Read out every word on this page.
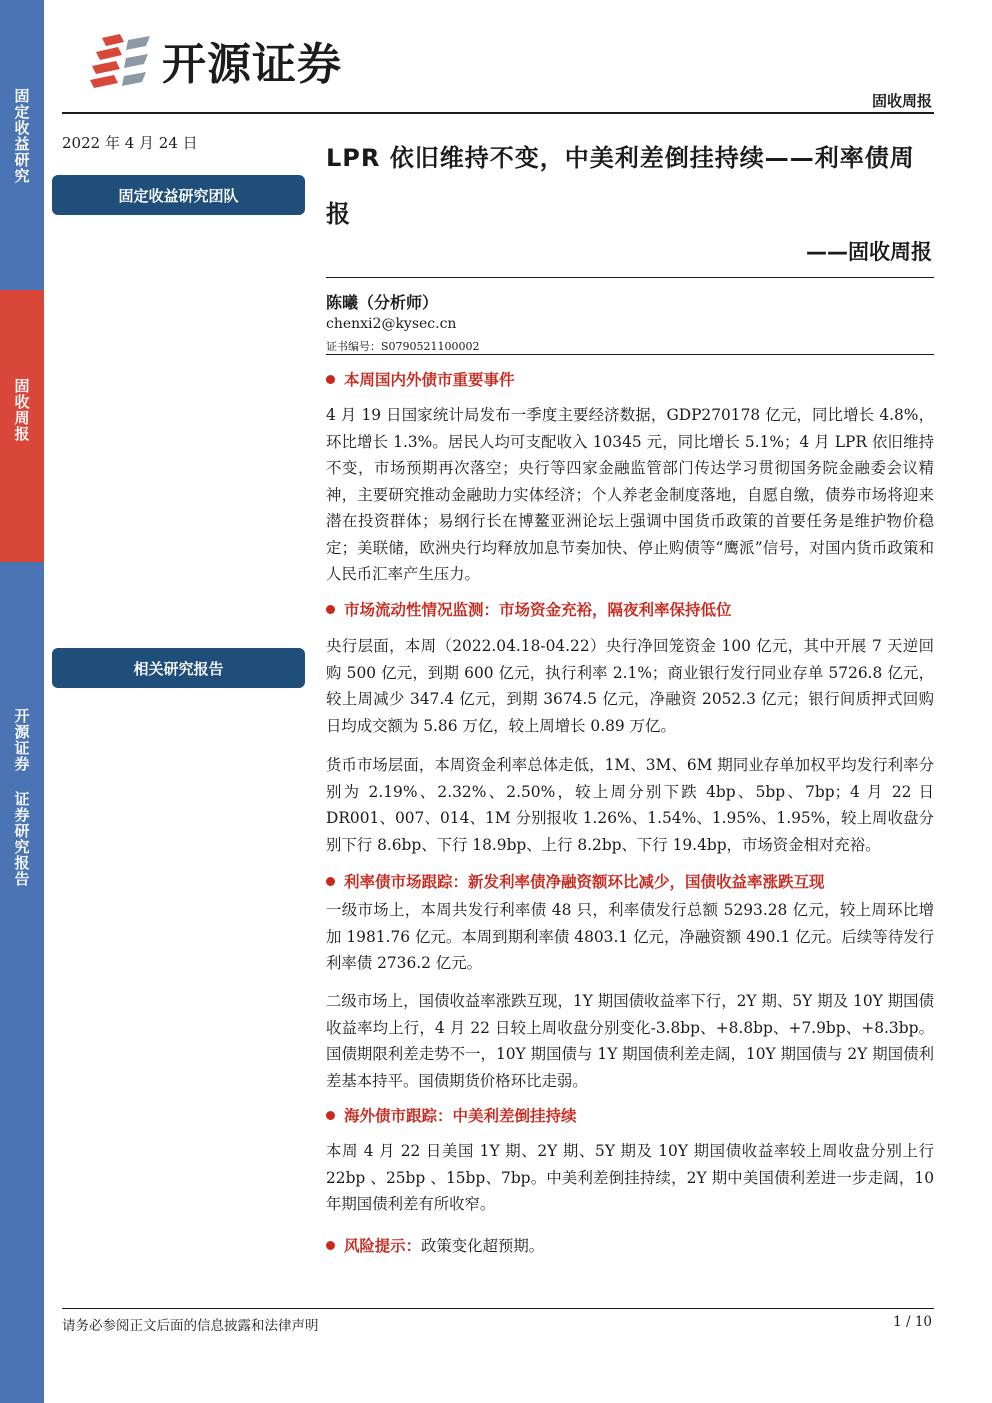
固定收益研究
固收周报
开源证券 证券研究报告
开源证券
固收周报
2022 年 4 月 24 日
固定收益研究团队
相关研究报告
LPR 依旧维持不变，中美利差倒挂持续——利率债周报
——固收周报
陈曦（分析师）
chenxi2@kysec.cn
证书编号：S0790521100002
本周国内外债市重要事件
4 月 19 日国家统计局发布一季度主要经济数据，GDP270178 亿元，同比增长 4.8%，环比增长 1.3%。居民人均可支配收入 10345 元，同比增长 5.1%；4 月 LPR 依旧维持不变，市场预期再次落空；央行等四家金融监管部门传达学习贯彻国务院金融委会议精神，主要研究推动金融助力实体经济；个人养老金制度落地，自愿自缴，债券市场将迎来潜在投资群体；易纲行长在博鳌亚洲论坛上强调中国货币政策的首要任务是维护物价稳定；美联储，欧洲央行均释放加息节奏加快、停止购债等“鹰派”信号，对国内货币政策和人民币汇率产生压力。
市场流动性情况监测：市场资金充裕，隔夜利率保持低位
央行层面，本周（2022.04.18-04.22）央行净回笼资金 100 亿元，其中开展 7 天逆回购 500 亿元，到期 600 亿元，执行利率 2.1%；商业银行发行同业存单 5726.8 亿元，较上周减少 347.4 亿元，到期 3674.5 亿元，净融资 2052.3 亿元；银行间质押式回购日均成交额为 5.86 万亿，较上周增长 0.89 万亿。
货币市场层面，本周资金利率总体走低，1M、3M、6M 期同业存单加权平均发行利率分别为 2.19%、2.32%、2.50%，较上周分别下跌 4bp、5bp、7bp；4 月 22 日 DR001、007、014、1M 分别报收 1.26%、1.54%、1.95%、1.95%，较上周收盘分别下行 8.6bp、下行 18.9bp、上行 8.2bp、下行 19.4bp，市场资金相对充裕。
利率债市场跟踪：新发利率债净融资额环比减少，国债收益率涨跌互现
一级市场上，本周共发行利率债 48 只，利率债发行总额 5293.28 亿元，较上周环比增加 1981.76 亿元。本周到期利率债 4803.1 亿元，净融资额 490.1 亿元。后续等待发行利率债 2736.2 亿元。
二级市场上，国债收益率涨跌互现，1Y 期国债收益率下行，2Y 期、5Y 期及 10Y 期国债收益率均上行，4 月 22 日较上周收盘分别变化-3.8bp、+8.8bp、+7.9bp、+8.3bp。国债期限利差走势不一，10Y 期国债与 1Y 期国债利差走阔，10Y 期国债与 2Y 期国债利差基本持平。国债期货价格环比走弱。
海外债市跟踪：中美利差倒挂持续
本周 4 月 22 日美国 1Y 期、2Y 期、5Y 期及 10Y 期国债收益率较上周收盘分别上行 22bp 、25bp 、15bp、7bp。中美利差倒挂持续，2Y 期中美国债利差进一步走阔，10 年期国债利差有所收窄。
风险提示： 政策变化超预期。
请务必参阅正文后面的信息披露和法律声明	1 / 10
